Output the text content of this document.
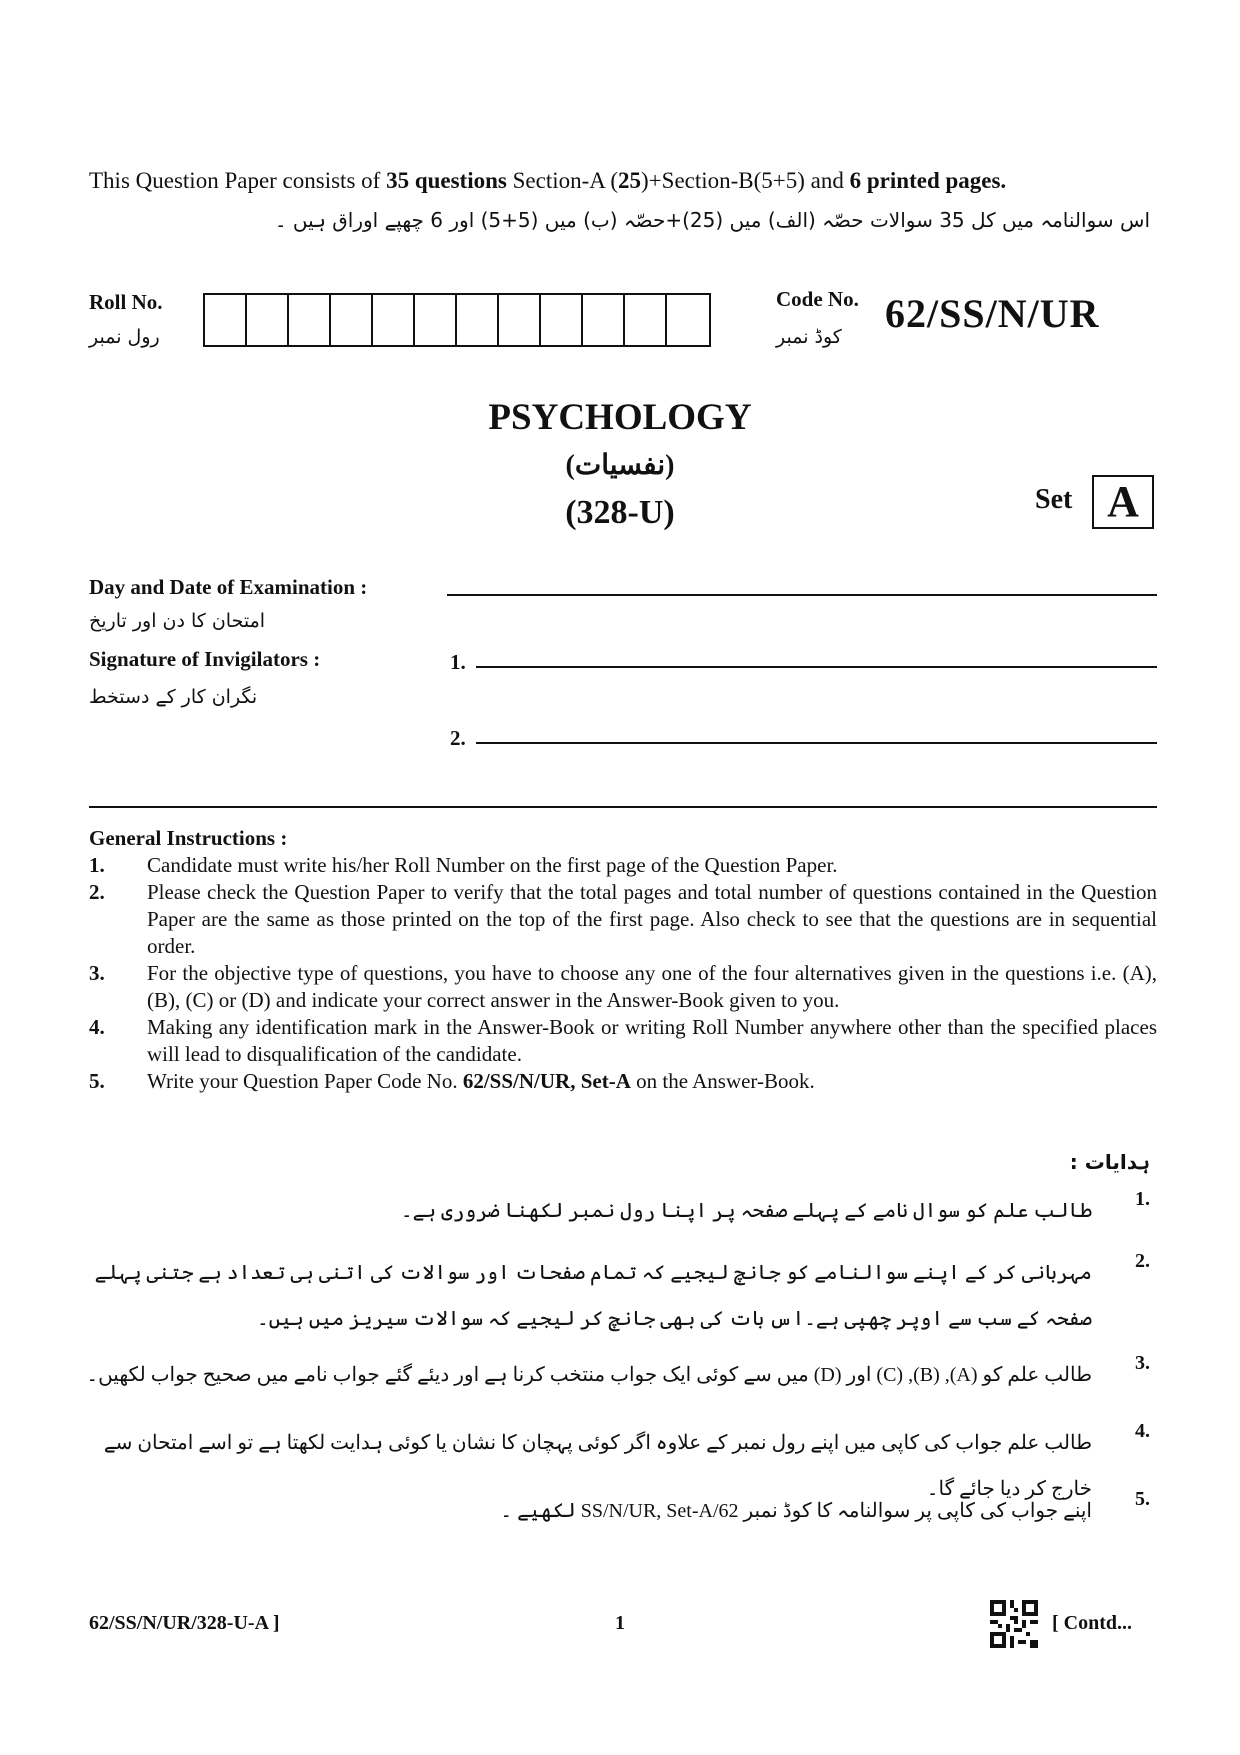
This Question Paper consists of 35 questions Section-A (25)+Section-B(5+5) and 6 printed pages.
اس سوالنامہ میں کل 35 سوالات حصّہ (الف) میں (25)+حصّہ (ب) میں (5+5) اور 6 چھپے اوراق ہیں ۔
Roll No.
رول نمبر
Code No.
کوڈ نمبر
62/SS/N/UR
PSYCHOLOGY
(نفسیات)
(328-U)	Set A
Day and Date of Examination :
امتحان کا دن اور تاریخ
Signature of Invigilators :
نگران کار کے دستخط
1.
2.
General Instructions :
1.	Candidate must write his/her Roll Number on the first page of the Question Paper.
2.	Please check the Question Paper to verify that the total pages and total number of questions contained in the Question Paper are the same as those printed on the top of the first page. Also check to see that the questions are in sequential order.
3.	For the objective type of questions, you have to choose any one of the four alternatives given in the questions i.e. (A), (B), (C) or (D) and indicate your correct answer in the Answer-Book given to you.
4.	Making any identification mark in the Answer-Book or writing Roll Number anywhere other than the specified places will lead to disqualification of the candidate.
5.	Write your Question Paper Code No. 62/SS/N/UR, Set-A on the Answer-Book.
ہدایات :
1.
طالب علم کو سوال نامے کے پہلے صفحہ پر اپنا رول نمبر لکھنا ضروری ہے۔
2.
مہربانی کر کے اپنے سوالنامے کو جانچ لیجیے کہ تمام صفحات اور سوالات کی اتنی ہی تعداد ہے جتنی پہلے صفحہ کے سب سے اوپر چھپی ہے۔اس بات کی بھی جانچ کر لیجیے کہ سوالات سیریز میں ہیں۔
3.
طالب علم کو (A), (B), (C) اور (D) میں سے کوئی ایک جواب منتخب کرنا ہے اور دیئے گئے جواب نامے میں صحیح جواب لکھیں۔
4.
طالب علم جواب کی کاپی میں اپنے رول نمبر کے علاوہ اگر کوئی پہچان کا نشان یا کوئی ہدایت لکھتا ہے تو اسے امتحان سے خارج کر دیا جائے گا۔	5.
اپنے جواب کی کاپی پر سوالنامہ کا کوڈ نمبر 62/SS/N/UR, Set-A لکھیے ۔
62/SS/N/UR/328-U-A ]	1	[ Contd...
